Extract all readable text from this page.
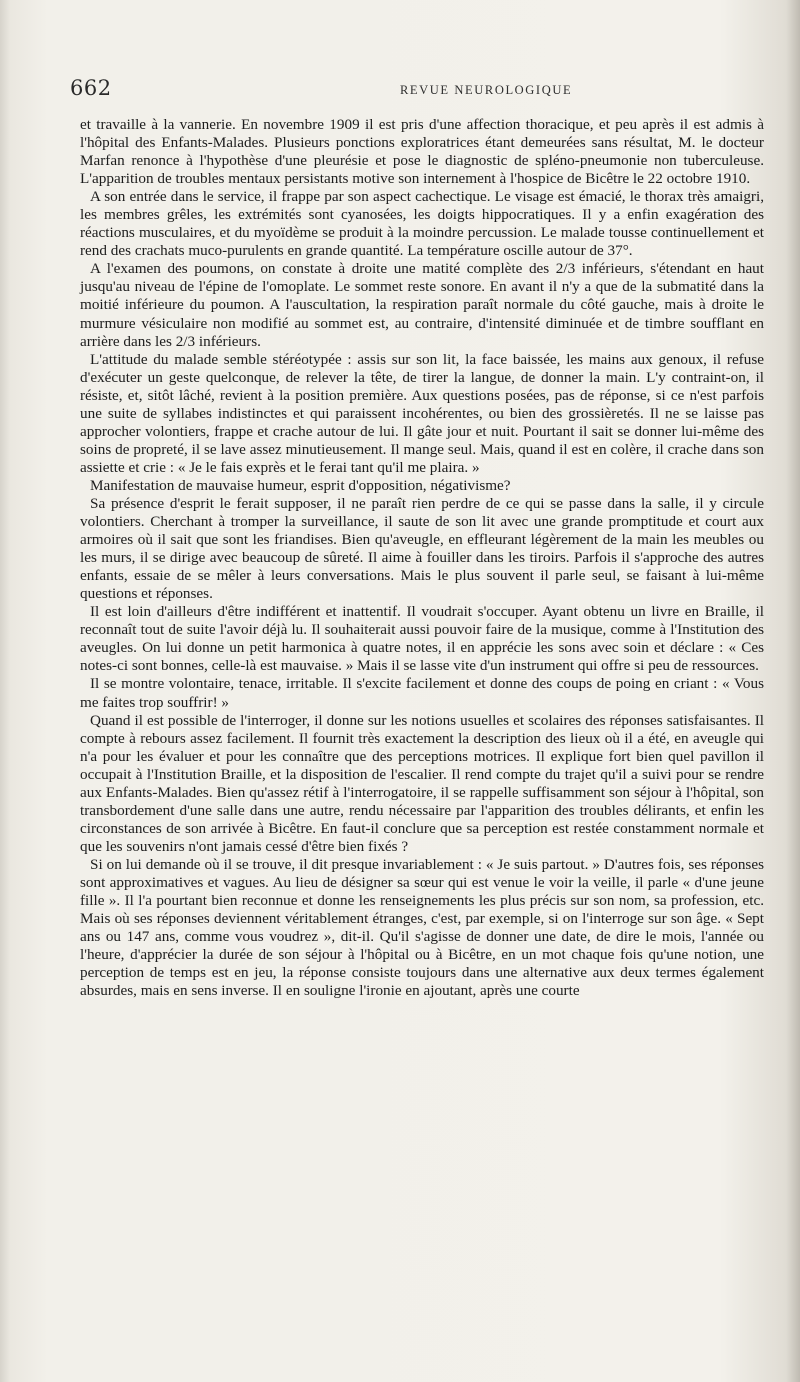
662	REVUE NEUROLOGIQUE

et travaille à la vannerie. En novembre 1909 il est pris d'une affection thoracique, et peu après il est admis à l'hôpital des Enfants-Malades. Plusieurs ponctions exploratrices étant demeurées sans résultat, M. le docteur Marfan renonce à l'hypothèse d'une pleurésie et pose le diagnostic de spléno-pneumonie non tuberculeuse. L'apparition de troubles mentaux persistants motive son internement à l'hospice de Bicêtre le 22 octobre 1910.

A son entrée dans le service, il frappe par son aspect cachectique. Le visage est émacié, le thorax très amaigri, les membres grêles, les extrémités sont cyanosées, les doigts hippocratiques. Il y a enfin exagération des réactions musculaires, et du myoïdème se produit à la moindre percussion. Le malade tousse continuellement et rend des crachats muco-purulents en grande quantité. La température oscille autour de 37°.

A l'examen des poumons, on constate à droite une matité complète des 2/3 inférieurs, s'étendant en haut jusqu'au niveau de l'épine de l'omoplate. Le sommet reste sonore. En avant il n'y a que de la submatité dans la moitié inférieure du poumon. A l'auscultation, la respiration paraît normale du côté gauche, mais à droite le murmure vésiculaire non modifié au sommet est, au contraire, d'intensité diminuée et de timbre soufflant en arrière dans les 2/3 inférieurs.

L'attitude du malade semble stéréotypée : assis sur son lit, la face baissée, les mains aux genoux, il refuse d'exécuter un geste quelconque, de relever la tête, de tirer la langue, de donner la main. L'y contraint-on, il résiste, et, sitôt lâché, revient à la position première. Aux questions posées, pas de réponse, si ce n'est parfois une suite de syllabes indistinctes et qui paraissent incohérentes, ou bien des grossièretés. Il ne se laisse pas approcher volontiers, frappe et crache autour de lui. Il gâte jour et nuit. Pourtant il sait se donner lui-même des soins de propreté, il se lave assez minutieusement. Il mange seul. Mais, quand il est en colère, il crache dans son assiette et crie : « Je le fais exprès et le ferai tant qu'il me plaira. »

Manifestation de mauvaise humeur, esprit d'opposition, négativisme?

Sa présence d'esprit le ferait supposer, il ne paraît rien perdre de ce qui se passe dans la salle, il y circule volontiers. Cherchant à tromper la surveillance, il saute de son lit avec une grande promptitude et court aux armoires où il sait que sont les friandises. Bien qu'aveugle, en effleurant légèrement de la main les meubles ou les murs, il se dirige avec beaucoup de sûreté. Il aime à fouiller dans les tiroirs. Parfois il s'approche des autres enfants, essaie de se mêler à leurs conversations. Mais le plus souvent il parle seul, se faisant à lui-même questions et réponses.

Il est loin d'ailleurs d'être indifférent et inattentif. Il voudrait s'occuper. Ayant obtenu un livre en Braille, il reconnaît tout de suite l'avoir déjà lu. Il souhaiterait aussi pouvoir faire de la musique, comme à l'Institution des aveugles. On lui donne un petit harmonica à quatre notes, il en apprécie les sons avec soin et déclare : « Ces notes-ci sont bonnes, celle-là est mauvaise. » Mais il se lasse vite d'un instrument qui offre si peu de ressources.

Il se montre volontaire, tenace, irritable. Il s'excite facilement et donne des coups de poing en criant : « Vous me faites trop souffrir! »

Quand il est possible de l'interroger, il donne sur les notions usuelles et scolaires des réponses satisfaisantes. Il compte à rebours assez facilement. Il fournit très exactement la description des lieux où il a été, en aveugle qui n'a pour les évaluer et pour les connaître que des perceptions motrices. Il explique fort bien quel pavillon il occupait à l'Institution Braille, et la disposition de l'escalier. Il rend compte du trajet qu'il a suivi pour se rendre aux Enfants-Malades. Bien qu'assez rétif à l'interrogatoire, il se rappelle suffisamment son séjour à l'hôpital, son transbordement d'une salle dans une autre, rendu nécessaire par l'apparition des troubles délirants, et enfin les circonstances de son arrivée à Bicêtre. En faut-il conclure que sa perception est restée constamment normale et que les souvenirs n'ont jamais cessé d'être bien fixés ?

Si on lui demande où il se trouve, il dit presque invariablement : « Je suis partout. » D'autres fois, ses réponses sont approximatives et vagues. Au lieu de désigner sa sœur qui est venue le voir la veille, il parle « d'une jeune fille ». Il l'a pourtant bien reconnue et donne les renseignements les plus précis sur son nom, sa profession, etc. Mais où ses réponses deviennent véritablement étranges, c'est, par exemple, si on l'interroge sur son âge. « Sept ans ou 147 ans, comme vous voudrez », dit-il. Qu'il s'agisse de donner une date, de dire le mois, l'année ou l'heure, d'apprécier la durée de son séjour à l'hôpital ou à Bicêtre, en un mot chaque fois qu'une notion, une perception de temps est en jeu, la réponse consiste toujours dans une alternative aux deux termes également absurdes, mais en sens inverse. Il en souligne l'ironie en ajoutant, après une courte
